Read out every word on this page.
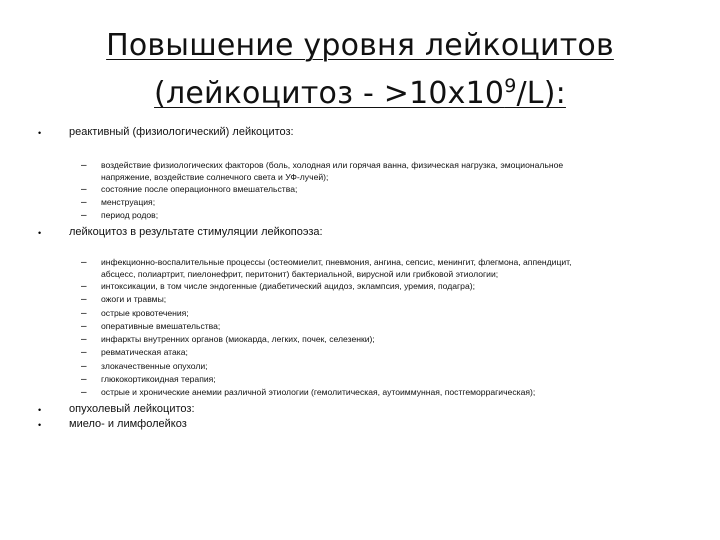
Повышение уровня лейкоцитов
(лейкоцитоз - $>10х10^9/L$):
•	реактивный (физиологический) лейкоцитоз:
– воздействие физиологических факторов (боль, холодная или горячая ванна, физическая нагрузка, эмоциональное
напряжение, воздействие солнечного света и УФ-лучей);
– состояние после операционного вмешательства;
– менструация;
– период родов;
•	лейкоцитоз в результате стимуляции лейкопоэза:
– инфекционно-воспалительные процессы (остеомиелит, пневмония, ангина, сепсис, менингит, флегмона, аппендицит,
абсцесс, полиартрит, пиелонефрит, перитонит) бактериальной, вирусной или грибковой этиологии;
– интоксикации, в том числе эндогенные (диабетический ацидоз, эклампсия, уремия, подагра);
– ожоги и травмы;
– острые кровотечения;
– оперативные вмешательства;
– инфаркты внутренних органов (миокарда, легких, почек, селезенки);
– ревматическая атака;
– злокачественные опухоли;
– глюкокортикоидная терапия;
– острые и хронические анемии различной этиологии (гемолитическая, аутоиммунная, постгеморрагическая);
•	опухолевый лейкоцитоз:
•	миело- и лимфолейкоз
